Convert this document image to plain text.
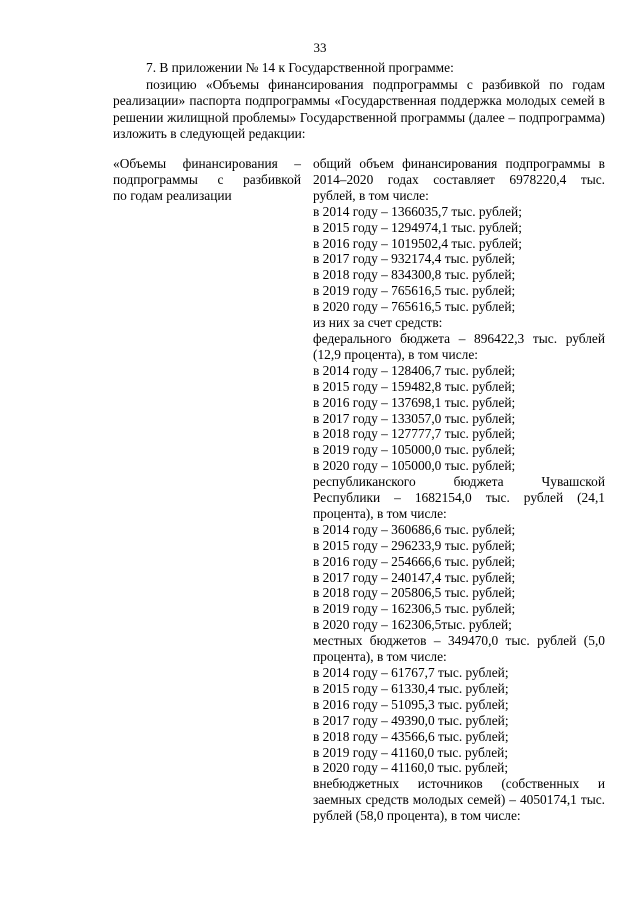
33

7. В приложении № 14 к Государственной программе:

позицию «Объемы финансирования подпрограммы с разбивкой по годам реализации» паспорта подпрограммы «Государственная поддержка молодых семей в решении жилищной проблемы» Государственной программы (далее – подпрограмма) изложить в следующей редакции:

«Объемы финансирования –
подпрограммы с разбивкой
по годам реализации

общий объем финансирования подпрограммы в 2014–2020 годах составляет 6978220,4 тыс. рублей, в том числе:

в 2014 году – 1366035,7 тыс. рублей;
в 2015 году – 1294974,1 тыс. рублей;
в 2016 году – 1019502,4 тыс. рублей;
в 2017 году – 932174,4 тыс. рублей;
в 2018 году – 834300,8 тыс. рублей;
в 2019 году – 765616,5 тыс. рублей;
в 2020 году – 765616,5 тыс. рублей;
из них за счет средств:

федерального бюджета – 896422,3 тыс. рублей (12,9 процента), в том числе:

в 2014 году – 128406,7 тыс. рублей;
в 2015 году – 159482,8 тыс. рублей;
в 2016 году – 137698,1 тыс. рублей;
в 2017 году – 133057,0 тыс. рублей;
в 2018 году – 127777,7 тыс. рублей;
в 2019 году – 105000,0 тыс. рублей;
в 2020 году – 105000,0 тыс. рублей;

республиканского бюджета Чувашской Республики – 1682154,0 тыс. рублей (24,1 процента), в том числе:

в 2014 году – 360686,6 тыс. рублей;
в 2015 году – 296233,9 тыс. рублей;
в 2016 году – 254666,6 тыс. рублей;
в 2017 году – 240147,4 тыс. рублей;
в 2018 году – 205806,5 тыс. рублей;
в 2019 году – 162306,5 тыс. рублей;
в 2020 году – 162306,5тыс. рублей;

местных бюджетов – 349470,0 тыс. рублей (5,0 процента), в том числе:

в 2014 году – 61767,7 тыс. рублей;
в 2015 году – 61330,4 тыс. рублей;
в 2016 году – 51095,3 тыс. рублей;
в 2017 году – 49390,0 тыс. рублей;
в 2018 году – 43566,6 тыс. рублей;
в 2019 году – 41160,0 тыс. рублей;
в 2020 году – 41160,0 тыс. рублей;

внебюджетных источников (собственных и заемных средств молодых семей) – 4050174,1 тыс. рублей (58,0 процента), в том числе:
